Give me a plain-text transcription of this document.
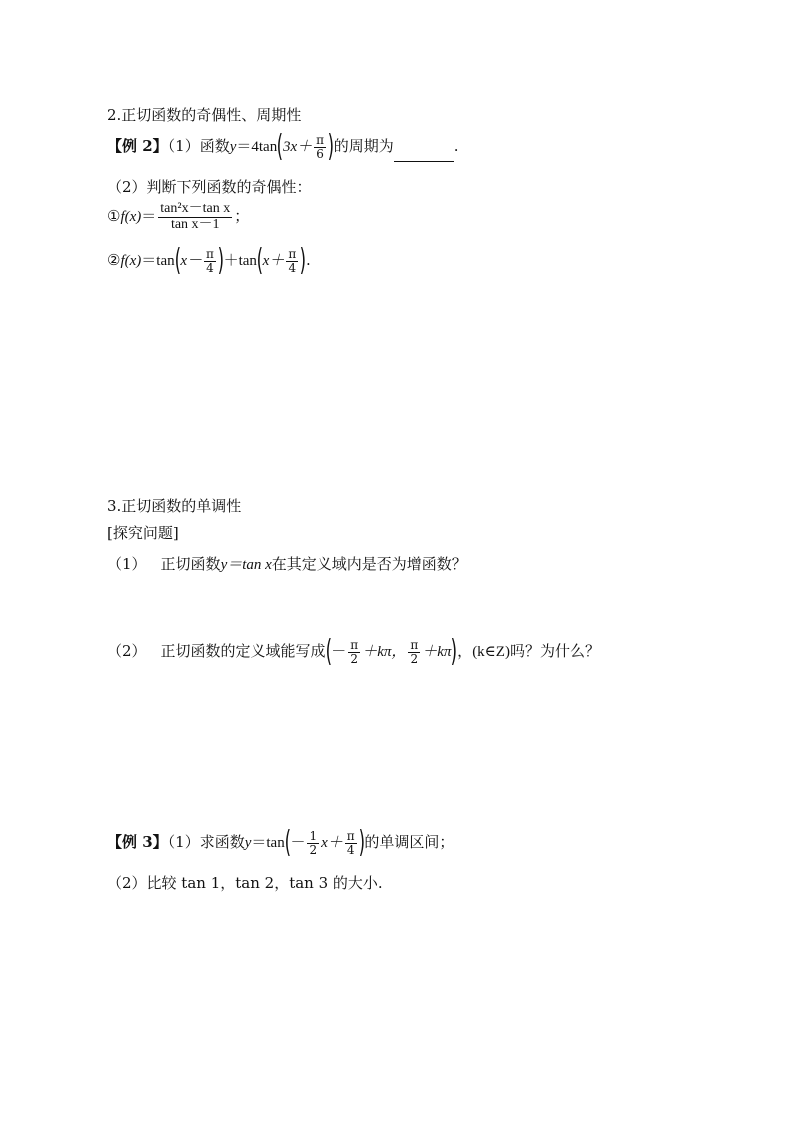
2.正切函数的奇偶性、周期性
【例 2】（1）函数$y=4\tan(3x+ \frac{\pi}{6}$ )的周期为	.
（2）判断下列函数的奇偶性：
①f(x)＝ $\frac{\text{tan²x－tan x}}{\text{tan x－1}}$ ；
②f(x)＝tan(x－ $\frac{\pi}{4} )+\tan(x+ \frac{\pi}{4}$ ).
3.正切函数的单调性
[探究问题]
（1） 正切函数y＝tan x在其定义域内是否为增函数？
（2） 正切函数的定义域能写成(－ $\frac{\pi}{2} +k\pi$， $\frac{\pi}{2} +k\pi$)，(k∈Z)吗？为什么？
【例 3】（1）求函数$y=\tan(- \frac{1}{2} x+ \frac{\pi}{4}$ )的单调区间；
（2）比较 tan 1，tan 2，tan 3 的大小.
